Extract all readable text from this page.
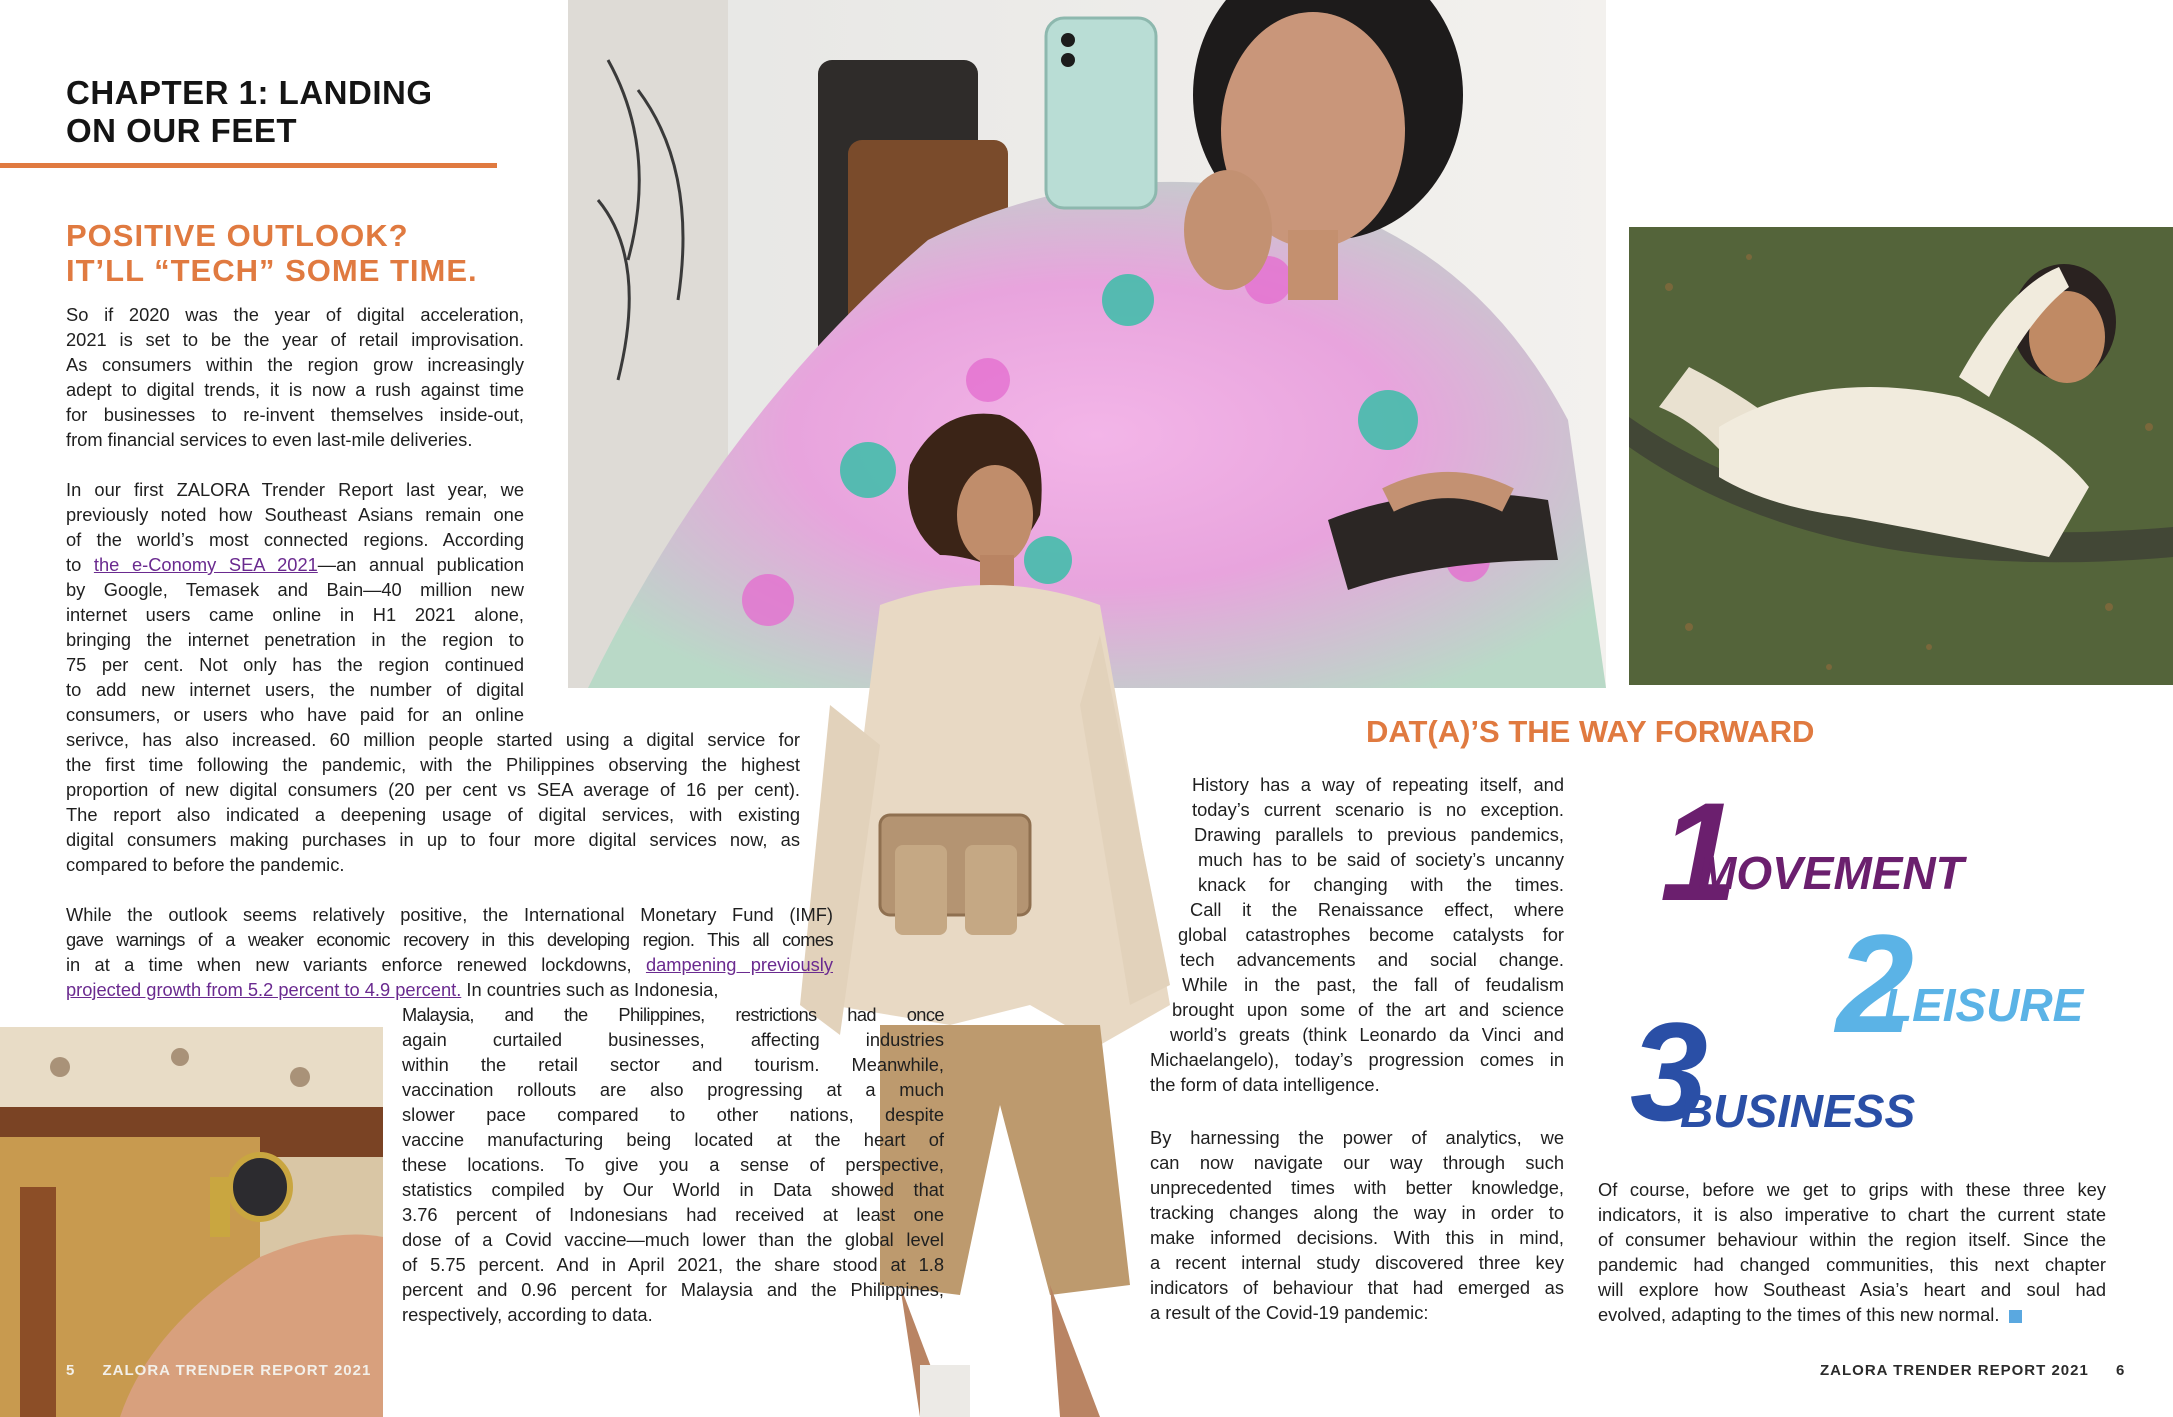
CHAPTER 1: LANDING
ON OUR FEET
POSITIVE OUTLOOK?
IT’LL “TECH” SOME TIME.

So if 2020 was the year of digital acceleration,
2021 is set to be the year of retail improvisation.
As consumers within the region grow increasingly
adept to digital trends, it is now a rush against time
for businesses to re-invent themselves inside-out,
from financial services to even last-mile deliveries.

In our first ZALORA Trender Report last year, we
previously noted how Southeast Asians remain one
of the world’s most connected regions. According
to the e-Conomy SEA 2021—an annual publication
by Google, Temasek and Bain—40 million new
internet users came online in H1 2021 alone,
bringing the internet penetration in the region to
75 per cent. Not only has the region continued
to add new internet users, the number of digital
consumers, or users who have paid for an online

serivce, has also increased. 60 million people started using a digital service for
the first time following the pandemic, with the Philippines observing the highest
proportion of new digital consumers (20 per cent vs SEA average of 16 per cent).
The report also indicated a deepening usage of digital services, with existing
digital consumers making purchases in up to four more digital services now, as
compared to before the pandemic.

While the outlook seems relatively positive, the International Monetary Fund (IMF)
gave warnings of a weaker economic recovery in this developing region. This all comes
in at a time when new variants enforce renewed lockdowns, dampening previously
projected growth from 5.2 percent to 4.9 percent. In countries such as Indonesia,

Malaysia, and the Philippines, restrictions had once
again curtailed businesses, affecting industries
within the retail sector and tourism. Meanwhile,
vaccination rollouts are also progressing at a much
slower pace compared to other nations, despite
vaccine manufacturing being located at the heart of
these locations. To give you a sense of perspective,
statistics compiled by Our World in Data showed that
3.76 percent of Indonesians had received at least one
dose of a Covid vaccine—much lower than the global level
of 5.75 percent. And in April 2021, the share stood at 1.8
percent and 0.96 percent for Malaysia and the Philippines,
respectively, according to data.

5 ZALORA TRENDER REPORT 2021
DAT(A)’S THE WAY FORWARD

History has a way of repeating itself, and
today’s current scenario is no exception.
Drawing parallels to previous pandemics,
much has to be said of society’s uncanny
knack for changing with the times.
Call it the Renaissance effect, where
global catastrophes become catalysts for
tech advancements and social change.
While in the past, the fall of feudalism
brought upon some of the art and science
world’s greats (think Leonardo da Vinci and
Michaelangelo), today’s progression comes in
the form of data intelligence.

By harnessing the power of analytics, we
can now navigate our way through such
unprecedented times with better knowledge,
tracking changes along the way in order to
make informed decisions. With this in mind,
a recent internal study discovered three key
indicators of behaviour that had emerged as
a result of the Covid-19 pandemic:

1
MOVEMENT
2
LEISURE
3
BUSINESS

Of course, before we get to grips with these three key
indicators, it is also imperative to chart the current state
of consumer behaviour within the region itself. Since the
pandemic had changed communities, this next chapter
will explore how Southeast Asia’s heart and soul had
evolved, adapting to the times of this new normal.

ZALORA TRENDER REPORT 2021 6
